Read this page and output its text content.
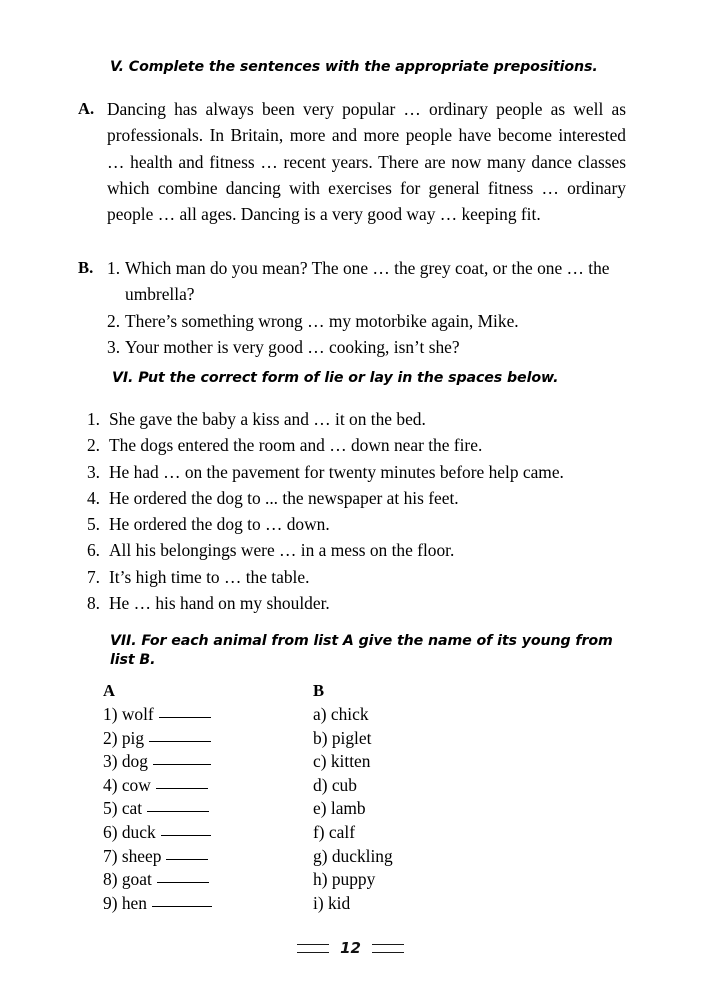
V. Complete the sentences with the appropriate prepositions.
A. Dancing has always been very popular … ordinary people as well as professionals. In Britain, more and more people have become interested … health and fitness … recent years. There are now many dance classes which combine dancing with exercises for general fitness … ordinary people … all ages. Dancing is a very good way … keeping fit.
B. 1. Which man do you mean? The one … the grey coat, or the one … the umbrella?
2. There’s something wrong … my motorbike again, Mike.
3. Your mother is very good … cooking, isn’t she?
VI. Put the correct form of lie or lay in the spaces below.
1. She gave the baby a kiss and … it on the bed.
2. The dogs entered the room and … down near the fire.
3. He had … on the pavement for twenty minutes before help came.
4. He ordered the dog to ... the newspaper at his feet.
5. He ordered the dog to … down.
6. All his belongings were … in a mess on the floor.
7. It’s high time to … the table.
8. He … his hand on my shoulder.
VII. For each animal from list A give the name of its young from list B.
A
1) wolf
2) pig
3) dog
4) cow
5) cat
6) duck
7) sheep
8) goat
9) hen
B
a) chick
b) piglet
c) kitten
d) cub
e) lamb
f) calf
g) duckling
h) puppy
i) kid
12
